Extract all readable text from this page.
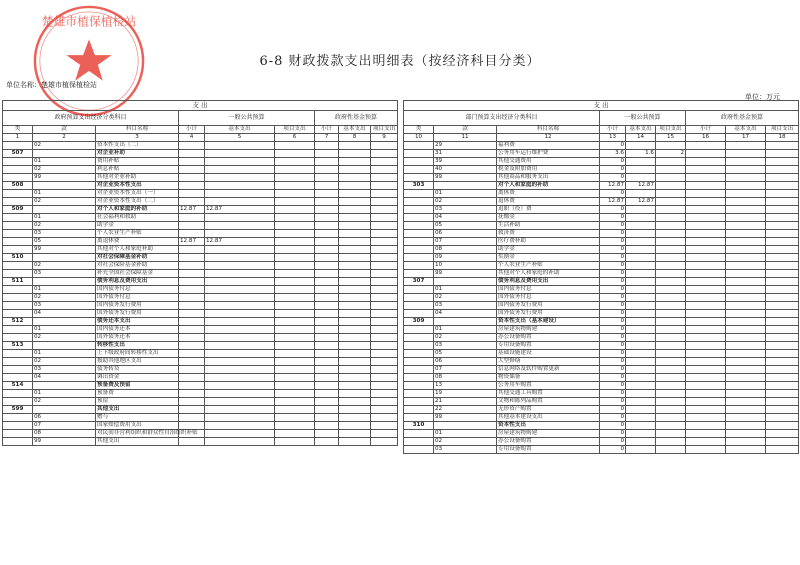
楚雄市植保植检站
6-8 财政拨款支出明细表（按经济科目分类）
单位名称：楚雄市植保植检站
单位：万元
支 出								
政府预算支出经济分类科目			一般公共预算			政府性基金预算		
类	款	科目名称	小计	基本支出	项目支出	小计	基本支出	项目支出
1	2	3	4	5	6	7	8	9
	02	资本性支出（二）						
507		对企业补助						
	01	费用补贴						
	02	利息补贴						
	99	其他对企业补助						
508		对企业资本性支出						
	01	对企业资本性支出（一）						
	02	对企业资本性支出（二）						
509		对个人和家庭的补助	12.87	12.87				
	01	社会福利和救助						
	02	助学金						
	03	个人农业生产补贴						
	05	离退休费	12.87	12.87				
	99	其他对个人和家庭补助						
510		对社会保障基金补助						
	02	对社会保险基金补助						
	03	补充全国社会保障基金						
511		债务利息及费用支出						
	01	国内债务付息						
	02	国外债务付息						
	03	国内债务发行费用						
	04	国外债务发行费用						
512		债务还本支出						
	01	国内债务还本						
	02	国外债务还本						
513		转移性支出						
	01	上下级政府间转移性支出						
	02	援助其他地区支出						
	03	债务转贷						
	04	调出资金						
514		预备费及预留						
	01	预备费						
	02	预留						
599		其他支出						
	06	赠与						
	07	国家赔偿费用支出						
	08	对民间非营利组织和群众性自治组织补贴						
	99	其他支出						
支 出								
部门预算支出经济分类科目			一般公共预算			政府性基金预算		
类	款	科目名称	小计	基本支出	项目支出	小计	基本支出	项目支出
10	11	12	13	14	15	16	17	18
	29	福利费	0					
	31	公务用车运行维护费	3.6	1.6	2			
	39	其他交通费用	0					
	40	税金及附加费用	0					
	99	其他商品和服务支出	0					
303		对个人和家庭的补助	12.87	12.87				
	01	离休费	0					
	02	退休费	12.87	12.87				
	03	退职（役）费	0					
	04	抚恤金	0					
	05	生活补助	0					
	06	救济费	0					
	07	医疗费补助	0					
	08	助学金	0					
	09	奖励金	0					
	10	个人农业生产补贴	0					
	99	其他对个人和家庭的补助	0					
307		债务利息及费用支出	0					
	01	国内债务付息	0					
	02	国外债务付息	0					
	03	国内债务发行费用	0					
	04	国外债务发行费用	0					
309		资本性支出（基本建设）	0					
	01	房屋建筑物购建	0					
	02	办公设备购置	0					
	03	专用设备购置	0					
	05	基础设施建设	0					
	06	大型修缮	0					
	07	信息网络及软件购置更新	0					
	08	物资储备	0					
	13	公务用车购置	0					
	19	其他交通工具购置	0					
	21	文物和陈列品购置	0					
	22	无形资产购置	0					
	99	其他基本建设支出	0					
310		资本性支出	0					
	01	房屋建筑物购建	0					
	02	办公设备购置	0					
	03	专用设备购置	0					
